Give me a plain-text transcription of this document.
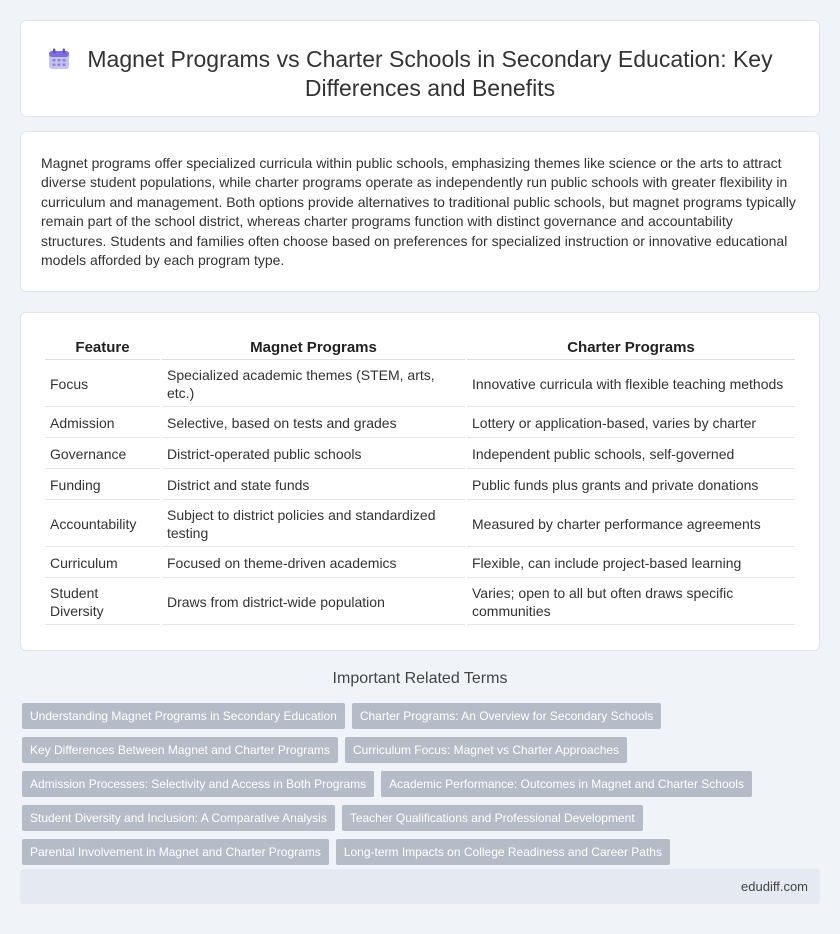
Magnet Programs vs Charter Schools in Secondary Education: Key Differences and Benefits

Magnet programs offer specialized curricula within public schools, emphasizing themes like science or the arts to attract diverse student populations, while charter programs operate as independently run public schools with greater flexibility in curriculum and management. Both options provide alternatives to traditional public schools, but magnet programs typically remain part of the school district, whereas charter programs function with distinct governance and accountability structures. Students and families often choose based on preferences for specialized instruction or innovative educational models afforded by each program type.

Feature	Magnet Programs	Charter Programs
Focus	Specialized academic themes (STEM, arts, etc.)	Innovative curricula with flexible teaching methods
Admission	Selective, based on tests and grades	Lottery or application-based, varies by charter
Governance	District-operated public schools	Independent public schools, self-governed
Funding	District and state funds	Public funds plus grants and private donations
Accountability	Subject to district policies and standardized testing	Measured by charter performance agreements
Curriculum	Focused on theme-driven academics	Flexible, can include project-based learning
Student Diversity	Draws from district-wide population	Varies; open to all but often draws specific communities
Important Related Terms
Understanding Magnet Programs in Secondary Education	Charter Programs: An Overview for Secondary Schools
Key Differences Between Magnet and Charter Programs	Curriculum Focus: Magnet vs Charter Approaches
Admission Processes: Selectivity and Access in Both Programs	Academic Performance: Outcomes in Magnet and Charter Schools
Student Diversity and Inclusion: A Comparative Analysis	Teacher Qualifications and Professional Development
Parental Involvement in Magnet and Charter Programs	Long-term Impacts on College Readiness and Career Paths
edudiff.com
